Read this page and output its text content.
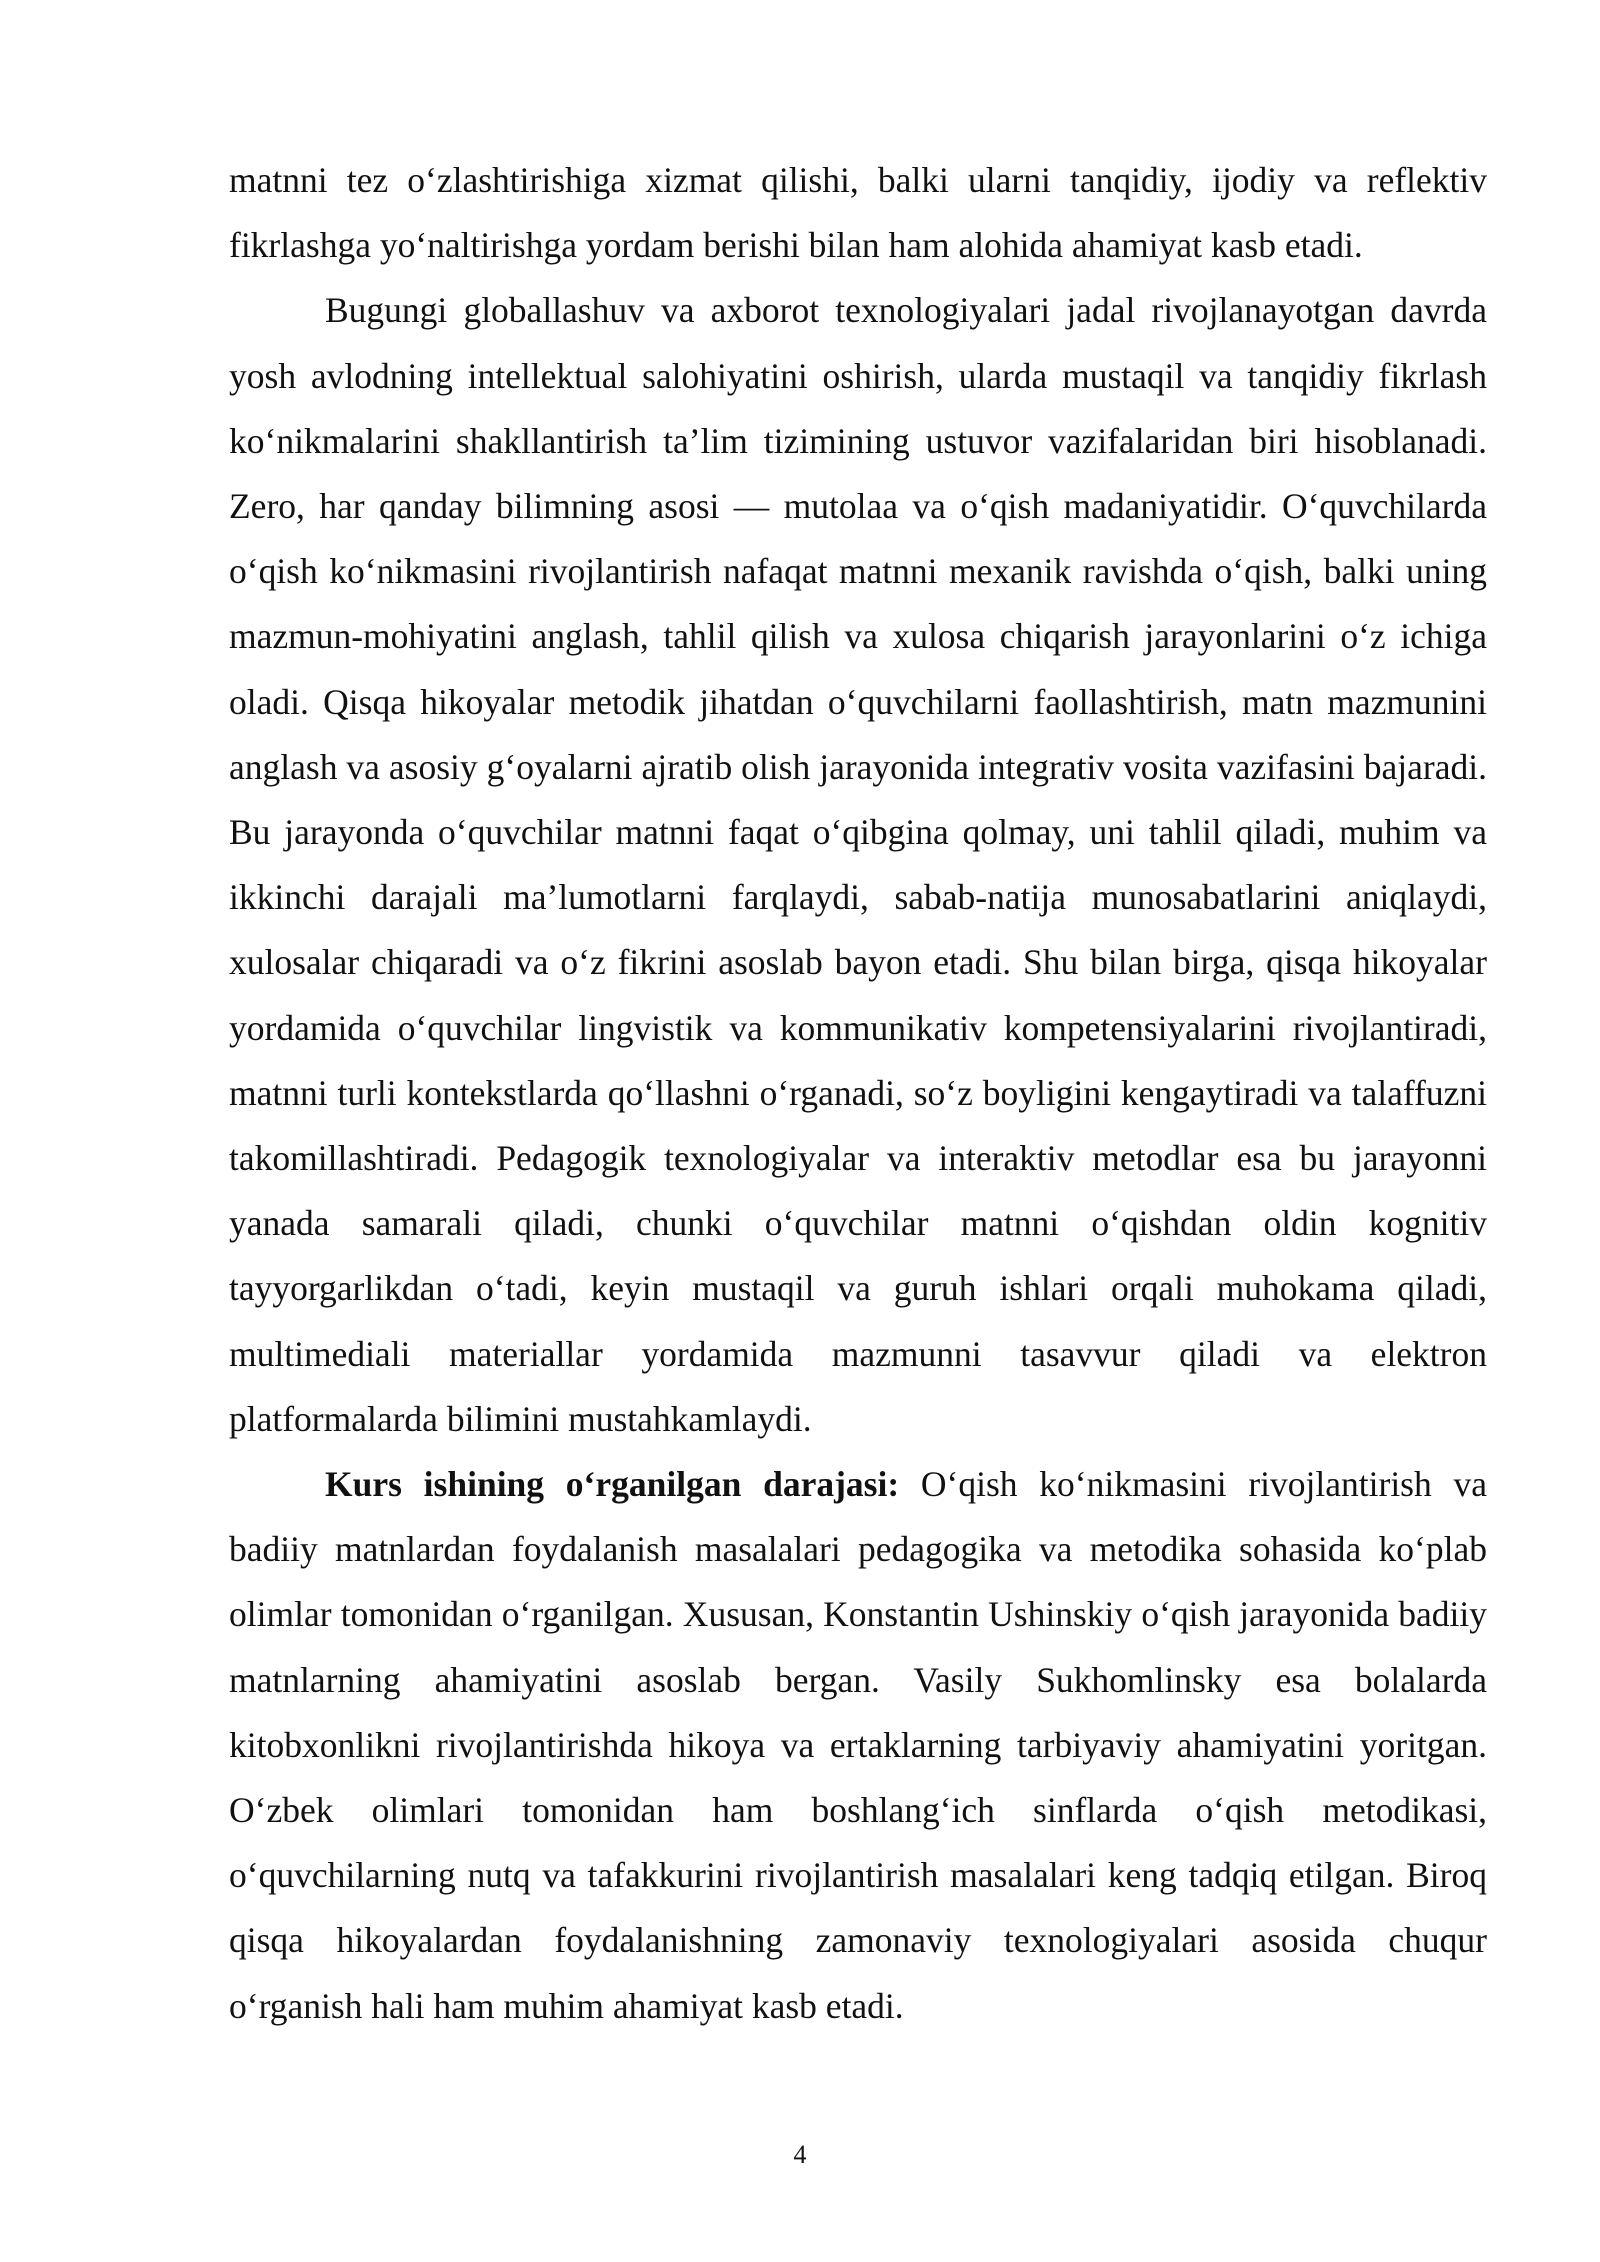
matnni tez o‘zlashtirishiga xizmat qilishi, balki ularni tanqidiy, ijodiy va reflektiv fikrlashga yo‘naltirishga yordam berishi bilan ham alohida ahamiyat kasb etadi.

Bugungi globallashuv va axborot texnologiyalari jadal rivojlanayotgan davrda yosh avlodning intellektual salohiyatini oshirish, ularda mustaqil va tanqidiy fikrlash ko‘nikmalarini shakllantirish ta’lim tizimining ustuvor vazifalaridan biri hisoblanadi. Zero, har qanday bilimning asosi — mutolaa va o‘qish madaniyatidir. O‘quvchilarda o‘qish ko‘nikmasini rivojlantirish nafaqat matnni mexanik ravishda o‘qish, balki uning mazmun-mohiyatini anglash, tahlil qilish va xulosa chiqarish jarayonlarini o‘z ichiga oladi. Qisqa hikoyalar metodik jihatdan o‘quvchilarni faollashtirish, matn mazmunini anglash va asosiy g‘oyalarni ajratib olish jarayonida integrativ vosita vazifasini bajaradi. Bu jarayonda o‘quvchilar matnni faqat o‘qibgina qolmay, uni tahlil qiladi, muhim va ikkinchi darajali ma’lumotlarni farqlaydi, sabab-natija munosabatlarini aniqlaydi, xulosalar chiqaradi va o‘z fikrini asoslab bayon etadi. Shu bilan birga, qisqa hikoyalar yordamida o‘quvchilar lingvistik va kommunikativ kompetensiyalarini rivojlantiradi, matnni turli kontekstlarda qo‘llashni o‘rganadi, so‘z boyligini kengaytiradi va talaffuzni takomillashtiradi. Pedagogik texnologiyalar va interaktiv metodlar esa bu jarayonni yanada samarali qiladi, chunki o‘quvchilar matnni o‘qishdan oldin kognitiv tayyorgarlikdan o‘tadi, keyin mustaqil va guruh ishlari orqali muhokama qiladi, multimediali materiallar yordamida mazmunni tasavvur qiladi va elektron platformalarda bilimini mustahkamlaydi.

Kurs ishining o‘rganilgan darajasi: O‘qish ko‘nikmasini rivojlantirish va badiiy matnlardan foydalanish masalalari pedagogika va metodika sohasida ko‘plab olimlar tomonidan o‘rganilgan. Xususan, Konstantin Ushinskiy o‘qish jarayonida badiiy matnlarning ahamiyatini asoslab bergan. Vasily Sukhomlinsky esa bolalarda kitobxonlikni rivojlantirishda hikoya va ertaklarning tarbiyaviy ahamiyatini yoritgan. O‘zbek olimlari tomonidan ham boshlang‘ich sinflarda o‘qish metodikasi, o‘quvchilarning nutq va tafakkurini rivojlantirish masalalari keng tadqiq etilgan. Biroq qisqa hikoyalardan foydalanishning zamonaviy texnologiyalari asosida chuqur o‘rganish hali ham muhim ahamiyat kasb etadi.

4
